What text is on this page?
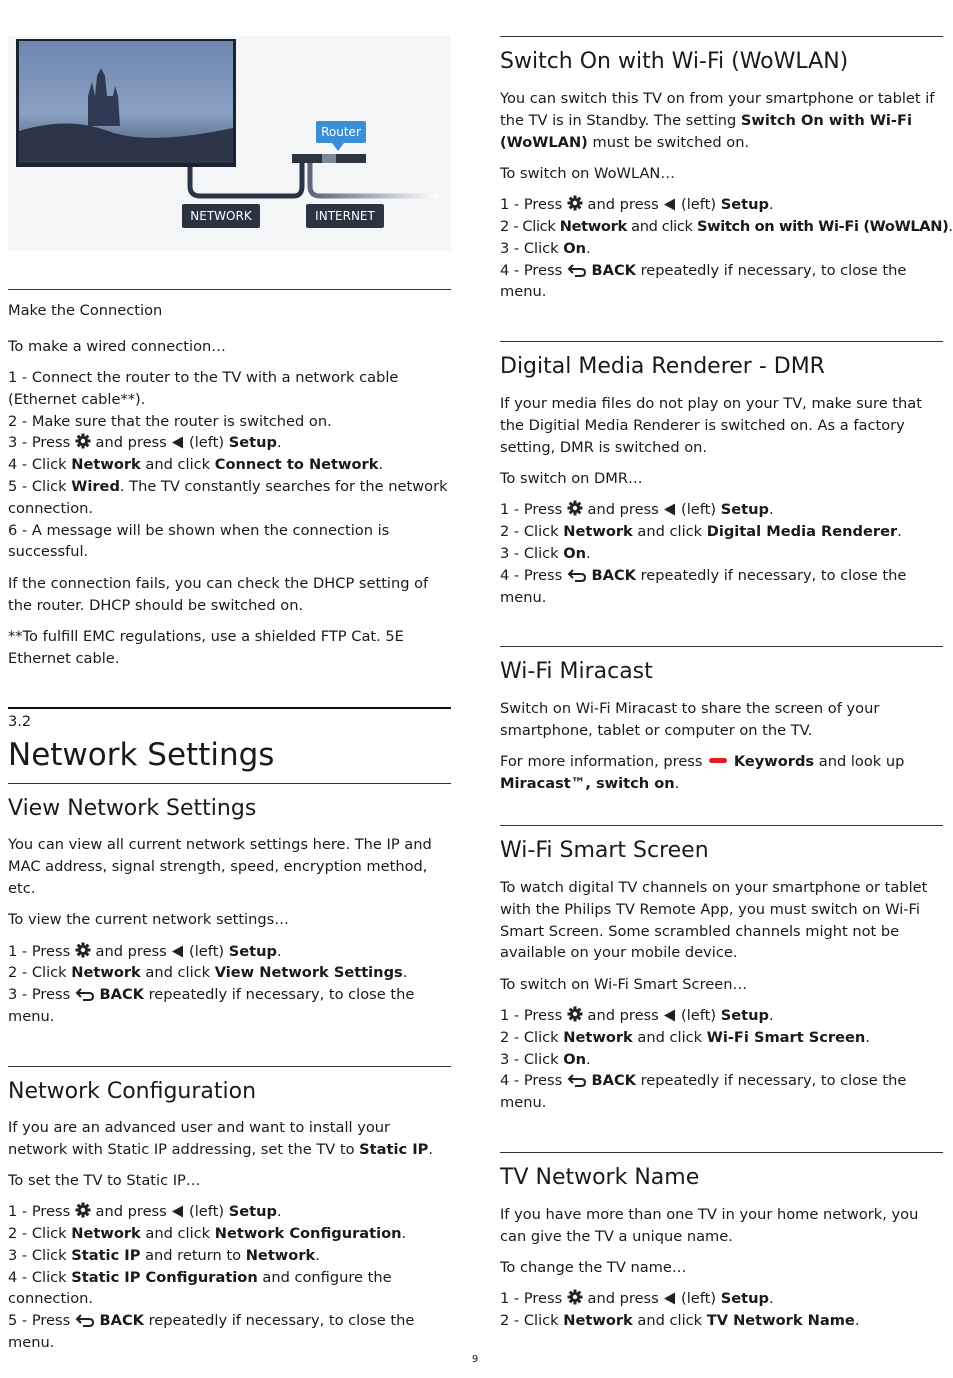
Router
NETWORK	INTERNET

Make the Connection

To make a wired connection…

1 - Connect the router to the TV with a network cable (Ethernet cable**).
2 - Make sure that the router is switched on.
3 - Press and press (left) Setup.
4 - Click Network and click Connect to Network.
5 - Click Wired. The TV constantly searches for the network connection.
6 - A message will be shown when the connection is successful.

If the connection fails, you can check the DHCP setting of the router. DHCP should be switched on.

**To fulfill EMC regulations, use a shielded FTP Cat. 5E Ethernet cable.

3.2
Network Settings
View Network Settings

You can view all current network settings here. The IP and MAC address, signal strength, speed, encryption method, etc.

To view the current network settings…

1 - Press and press (left) Setup.
2 - Click Network and click View Network Settings.
3 - Press BACK repeatedly if necessary, to close the menu.
Network Configuration

If you are an advanced user and want to install your network with Static IP addressing, set the TV to Static IP.

To set the TV to Static IP…

1 - Press and press (left) Setup.
2 - Click Network and click Network Configuration.
3 - Click Static IP and return to Network.
4 - Click Static IP Configuration and configure the connection.
5 - Press BACK repeatedly if necessary, to close the menu.
Switch On with Wi-Fi (WoWLAN)

You can switch this TV on from your smartphone or tablet if the TV is in Standby. The setting Switch On with Wi-Fi (WoWLAN) must be switched on.

To switch on WoWLAN…

1 - Press and press (left) Setup.
2 - Click Network and click Switch on with Wi-Fi (WoWLAN).
3 - Click On.
4 - Press BACK repeatedly if necessary, to close the menu.
Digital Media Renderer - DMR

If your media files do not play on your TV, make sure that the Digitial Media Renderer is switched on. As a factory setting, DMR is switched on.

To switch on DMR…

1 - Press and press (left) Setup.
2 - Click Network and click Digital Media Renderer.
3 - Click On.
4 - Press BACK repeatedly if necessary, to close the menu.
Wi-Fi Miracast

Switch on Wi-Fi Miracast to share the screen of your smartphone, tablet or computer on the TV.

For more information, press Keywords and look up Miracast™, switch on.

Wi-Fi Smart Screen

To watch digital TV channels on your smartphone or tablet with the Philips TV Remote App, you must switch on Wi-Fi Smart Screen. Some scrambled channels might not be available on your mobile device.

To switch on Wi-Fi Smart Screen…

1 - Press and press (left) Setup.
2 - Click Network and click Wi-Fi Smart Screen.
3 - Click On.
4 - Press BACK repeatedly if necessary, to close the menu.
TV Network Name

If you have more than one TV in your home network, you can give the TV a unique name.

To change the TV name…

1 - Press and press (left) Setup.
2 - Click Network and click TV Network Name.
9
